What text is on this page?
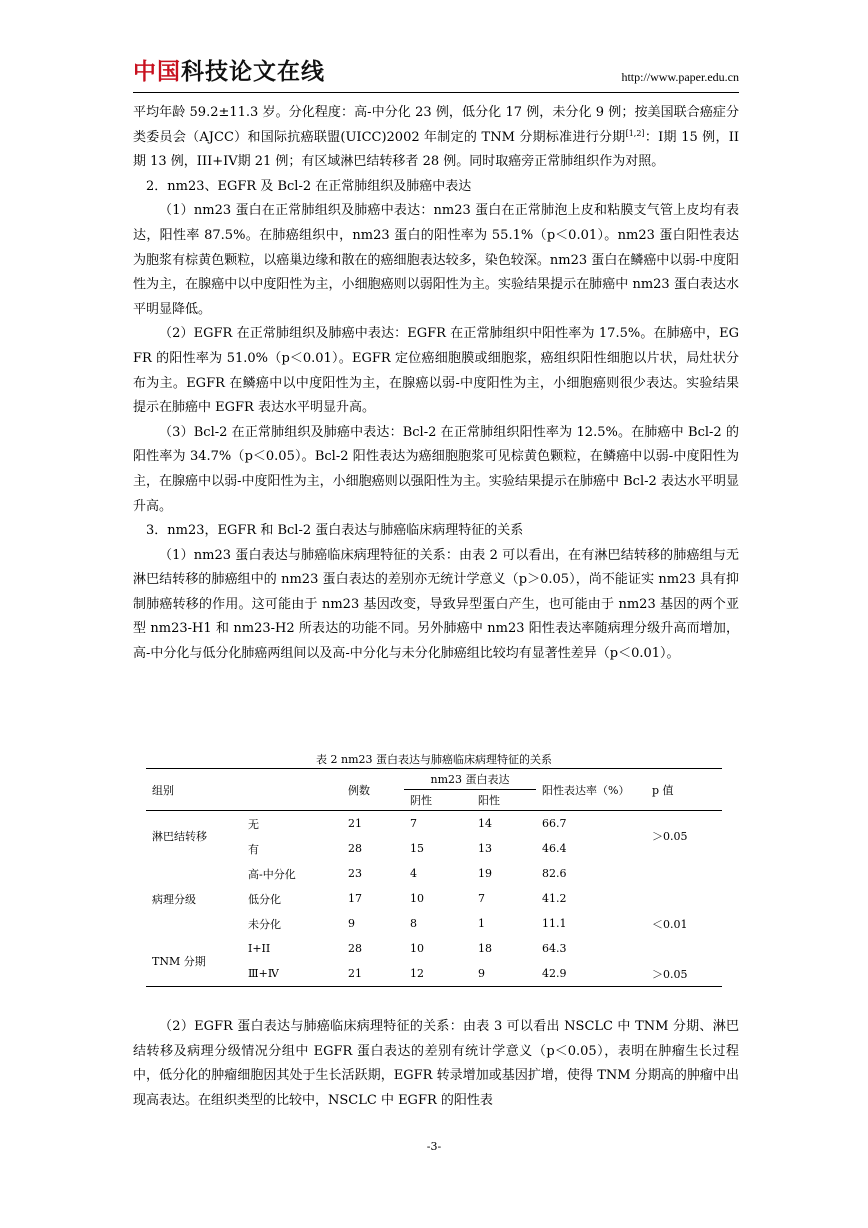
中国科技论文在线	http://www.paper.edu.cn

平均年龄 59.2±11.3 岁。分化程度：高-中分化 23 例，低分化 17 例，未分化 9 例；按美国联合癌症分类委员会（AJCC）和国际抗癌联盟(UICC)2002 年制定的 TNM 分期标准进行分期[1,2]：I期 15 例，II期 13 例，III+IV期 21 例；有区域淋巴结转移者 28 例。同时取癌旁正常肺组织作为对照。

2．nm23、EGFR 及 Bcl-2 在正常肺组织及肺癌中表达

（1）nm23 蛋白在正常肺组织及肺癌中表达：nm23 蛋白在正常肺泡上皮和粘膜支气管上皮均有表达，阳性率 87.5%。在肺癌组织中，nm23 蛋白的阳性率为 55.1%（p＜0.01）。nm23 蛋白阳性表达为胞浆有棕黄色颗粒，以癌巢边缘和散在的癌细胞表达较多，染色较深。nm23 蛋白在鳞癌中以弱-中度阳性为主，在腺癌中以中度阳性为主，小细胞癌则以弱阳性为主。实验结果提示在肺癌中 nm23 蛋白表达水平明显降低。

（2）EGFR 在正常肺组织及肺癌中表达：EGFR 在正常肺组织中阳性率为 17.5%。在肺癌中，EGFR 的阳性率为 51.0%（p＜0.01）。EGFR 定位癌细胞膜或细胞浆，癌组织阳性细胞以片状，局灶状分布为主。EGFR 在鳞癌中以中度阳性为主，在腺癌以弱-中度阳性为主，小细胞癌则很少表达。实验结果提示在肺癌中 EGFR 表达水平明显升高。

（3）Bcl-2 在正常肺组织及肺癌中表达：Bcl-2 在正常肺组织阳性率为 12.5%。在肺癌中 Bcl-2 的阳性率为 34.7%（p＜0.05）。Bcl-2 阳性表达为癌细胞胞浆可见棕黄色颗粒，在鳞癌中以弱-中度阳性为主，在腺癌中以弱-中度阳性为主，小细胞癌则以强阳性为主。实验结果提示在肺癌中 Bcl-2 表达水平明显升高。

3．nm23，EGFR 和 Bcl-2 蛋白表达与肺癌临床病理特征的关系

（1）nm23 蛋白表达与肺癌临床病理特征的关系：由表 2 可以看出，在有淋巴结转移的肺癌组与无淋巴结转移的肺癌组中的 nm23 蛋白表达的差别亦无统计学意义（p＞0.05），尚不能证实 nm23 具有抑制肺癌转移的作用。这可能由于 nm23 基因改变，导致异型蛋白产生，也可能由于 nm23 基因的两个亚型 nm23-H1 和 nm23-H2 所表达的功能不同。另外肺癌中 nm23 阳性表达率随病理分级升高而增加，高-中分化与低分化肺癌两组间以及高-中分化与未分化肺癌组比较均有显著性差异（p＜0.01）。

表 2 nm23 蛋白表达与肺癌临床病理特征的关系
组别		例数	nm23 蛋白表达		阳性表达率（%）	p 值
			阴性	阳性		
淋巴结转移	无	21	7	14	66.7	＞0.05
	有	28	15	13	46.4	
病理分级	高-中分化	23	4	19	82.6	＜0.01
	低分化	17	10	7	41.2	
	未分化	9	8	1	11.1	
TNM 分期	Ⅰ+II	28	10	18	64.3	＞0.05
	Ⅲ+Ⅳ	21	12	9	42.9	

（2）EGFR 蛋白表达与肺癌临床病理特征的关系：由表 3 可以看出 NSCLC 中 TNM 分期、淋巴结转移及病理分级情况分组中 EGFR 蛋白表达的差别有统计学意义（p＜0.05），表明在肿瘤生长过程中，低分化的肿瘤细胞因其处于生长活跃期，EGFR 转录增加或基因扩增，使得 TNM 分期高的肿瘤中出现高表达。在组织类型的比较中，NSCLC 中 EGFR 的阳性表

-3-
